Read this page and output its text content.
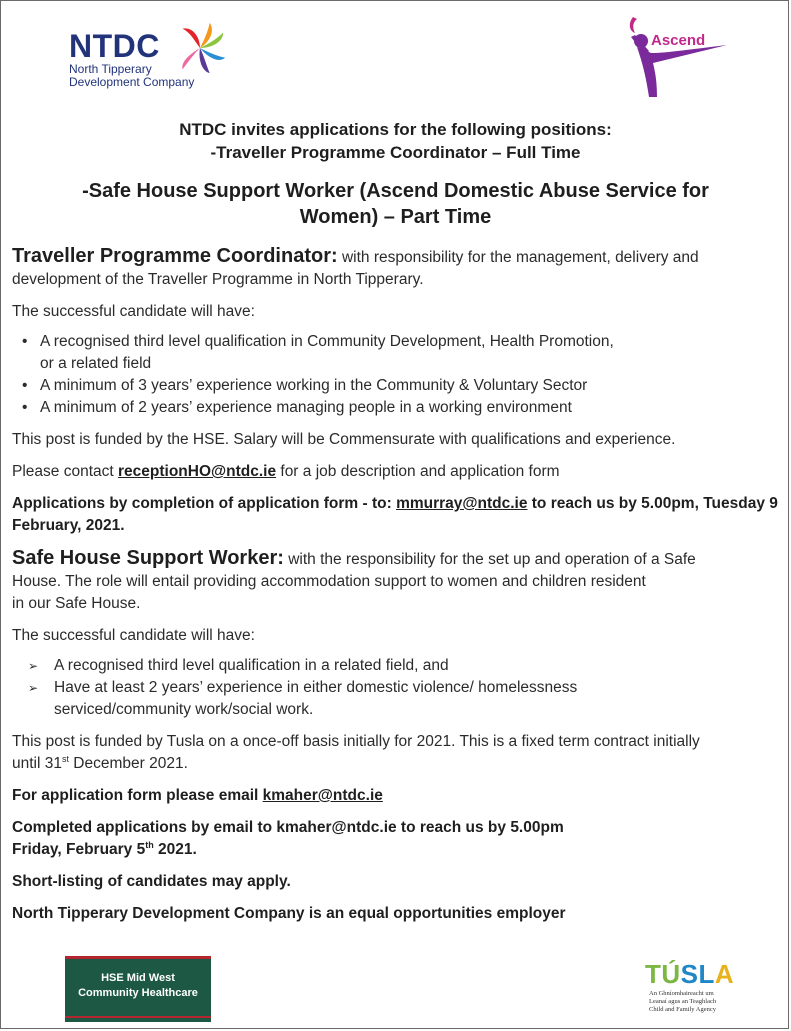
NTDC
North Tipperary
Development Company
Ascend
NTDC invites applications for the following positions:
-Traveller Programme Coordinator – Full Time
-Safe House Support Worker (Ascend Domestic Abuse Service for
Women) – Part Time

Traveller Programme Coordinator: with responsibility for the management, delivery and development of the Traveller Programme in North Tipperary.

The successful candidate will have:

• A recognised third level qualification in Community Development, Health Promotion,
or a related field
• A minimum of 3 years’ experience working in the Community & Voluntary Sector
• A minimum of 2 years’ experience managing people in a working environment

This post is funded by the HSE. Salary will be Commensurate with qualifications and experience.

Please contact receptionHO@ntdc.ie for a job description and application form

Applications by completion of application form - to: mmurray@ntdc.ie to reach us by 5.00pm, Tuesday 9 February, 2021.

Safe House Support Worker: with the responsibility for the set up and operation of a Safe
House. The role will entail providing accommodation support to women and children resident
in our Safe House.

The successful candidate will have:

➢ A recognised third level qualification in a related field, and
➢ Have at least 2 years’ experience in either domestic violence/ homelessness
serviced/community work/social work.

This post is funded by Tusla on a once-off basis initially for 2021. This is a fixed term contract initially
until 31st December 2021.

For application form please email kmaher@ntdc.ie

Completed applications by email to kmaher@ntdc.ie to reach us by 5.00pm
Friday, February 5th 2021.

Short-listing of candidates may apply.

North Tipperary Development Company is an equal opportunities employer

HSE Mid West
Community Healthcare
TÚSLA
An Ghníomhaireacht um
Leanaí agus an Teaghlach
Child and Family Agency
